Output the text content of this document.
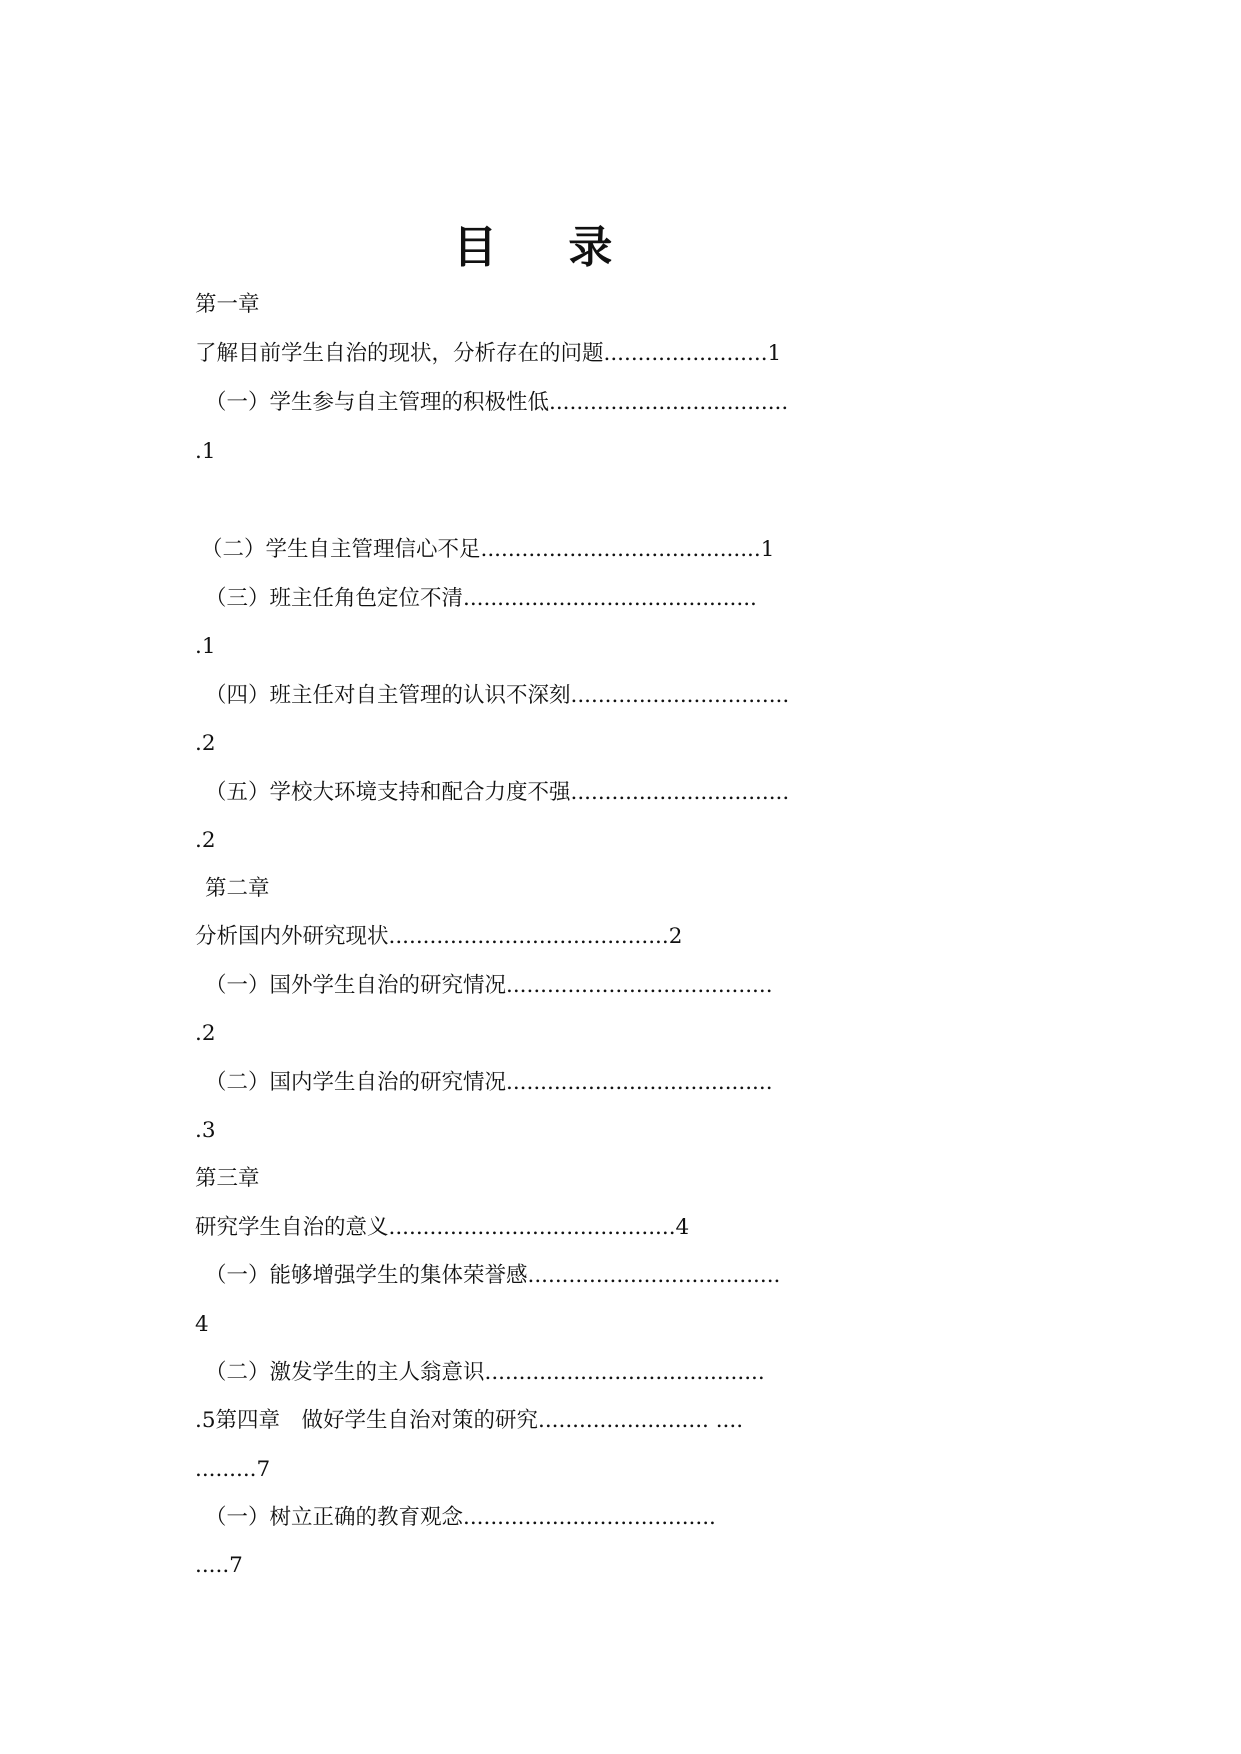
目 录

第一章

了解目前学生自治的现状，分析存在的问题........................1

（一）学生参与自主管理的积极性低...................................

.1

（二）学生自主管理信心不足.........................................1

（三）班主任角色定位不清...........................................

.1

（四）班主任对自主管理的认识不深刻................................

.2

（五）学校大环境支持和配合力度不强................................

.2

第二章

分析国内外研究现状.........................................2

（一）国外学生自治的研究情况.......................................

.2

（二）国内学生自治的研究情况.......................................

.3

第三章

研究学生自治的意义..........................................4

（一）能够增强学生的集体荣誉感.....................................

4

（二）激发学生的主人翁意识.........................................

.5第四章　做好学生自治对策的研究......................... ....

.........7

（一）树立正确的教育观念.....................................

.....7
